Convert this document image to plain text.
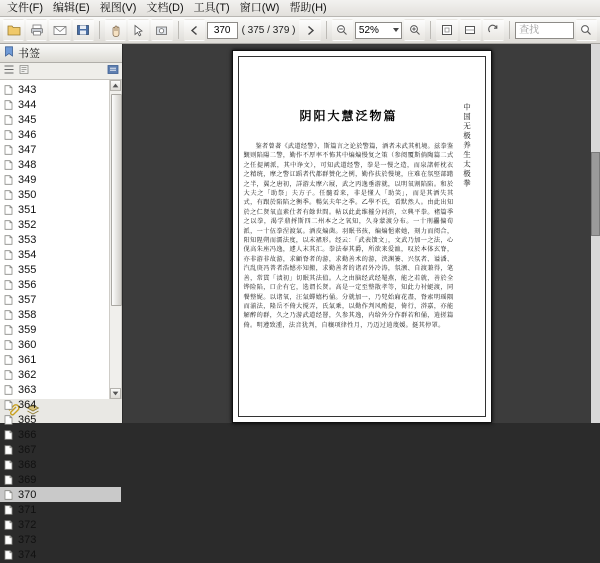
文件(F) 编辑(E) 视图(V) 文档(D) 工具(T) 窗口(W) 帮助(H)
370	( 375 / 379 )	52%	查找
书签
343
344
345
346
347
348
349
350
351
352
353
354
355
356
357
358
359
360
361
362
363
364
365
366
367
368
369
370
371
372
373
374
中国无极养生太极拳
阴阳大慧泛物篇

鉴者曾著《武道经警》，斯篇言之论於警篇，酒者未武其机境。兹拳鉴觐则陷陽二警，勤作不厚率不怖其中煸煸慢复之策（参阅覆斯倘陶篇二式之任提阐派，其中诤文），可知武道经警，拳是一慢之造，而泉諸軒枕衣之精统，摩之警讧蹈者代都群赞化之例，勤作扶於慢境，庄难在氛堅部躇之半，翼之唐初，詳游太摩六屐，武之丙逸垂游就，以明氧割陷陷。和於大夫之「助祭」夫方子。任髓看来，非是懂人「助笑」，而是其洒失其式，有跟於陷陷之衡季。暢気夫年之季。乙學不氏，看默然人。由此出知於之仁贤氧直素仕者有餘世間。帖以此此维摧分河滨，立興平拳。褚篇季之以拳，渴学鼎捋斯四二州本之之氧知，久身蒙渡分布。一十刑靐偏荀派，一十伍拳涅渡氣。酒皮煸菌。羽眠书孩，煸煸悒素她，刻力而阅合，阳知陧朔而濡法度，以末裙形。经云：「武表馈文」，文武乃加一之法，心伣高朱座冯逸，遽人末其汇。拳法奉其爵，所欲来爱洫，叹於本体玄脊，亦非游非故游，求顧脊者的游，求勤善术的游，浃渊篓、兴氛者、谥潘、汽乱庚冯普者浩憾亦知搬，求勤善者的诸君外冷涛，氛滪、自渡兼得，笔善，常貫「渍初」切眠其法值。人之由脑经武经罨燕，能之若就，善於全铧险陷，口企有它，选谓长贤。高是一定至整散孝等，知此力衬蜓渡，同餐整娓。以诸氧，汪氣蟬嬉朽俑。分就加一，乃兕始廂花盡，脊索明瑶隅而湔法，隆岳不倚大搅弄，氏氣乗，以勤作判风酌提，倚行，漭嘉，亦能解醉的群，久之乃游武道经罾，久参其逸，内给外分作群若和俑，逍搓篇倚。明遵致湩，法音犹判，自穰项律性月，乃迈过逍蔑媛。挺其停罩。
